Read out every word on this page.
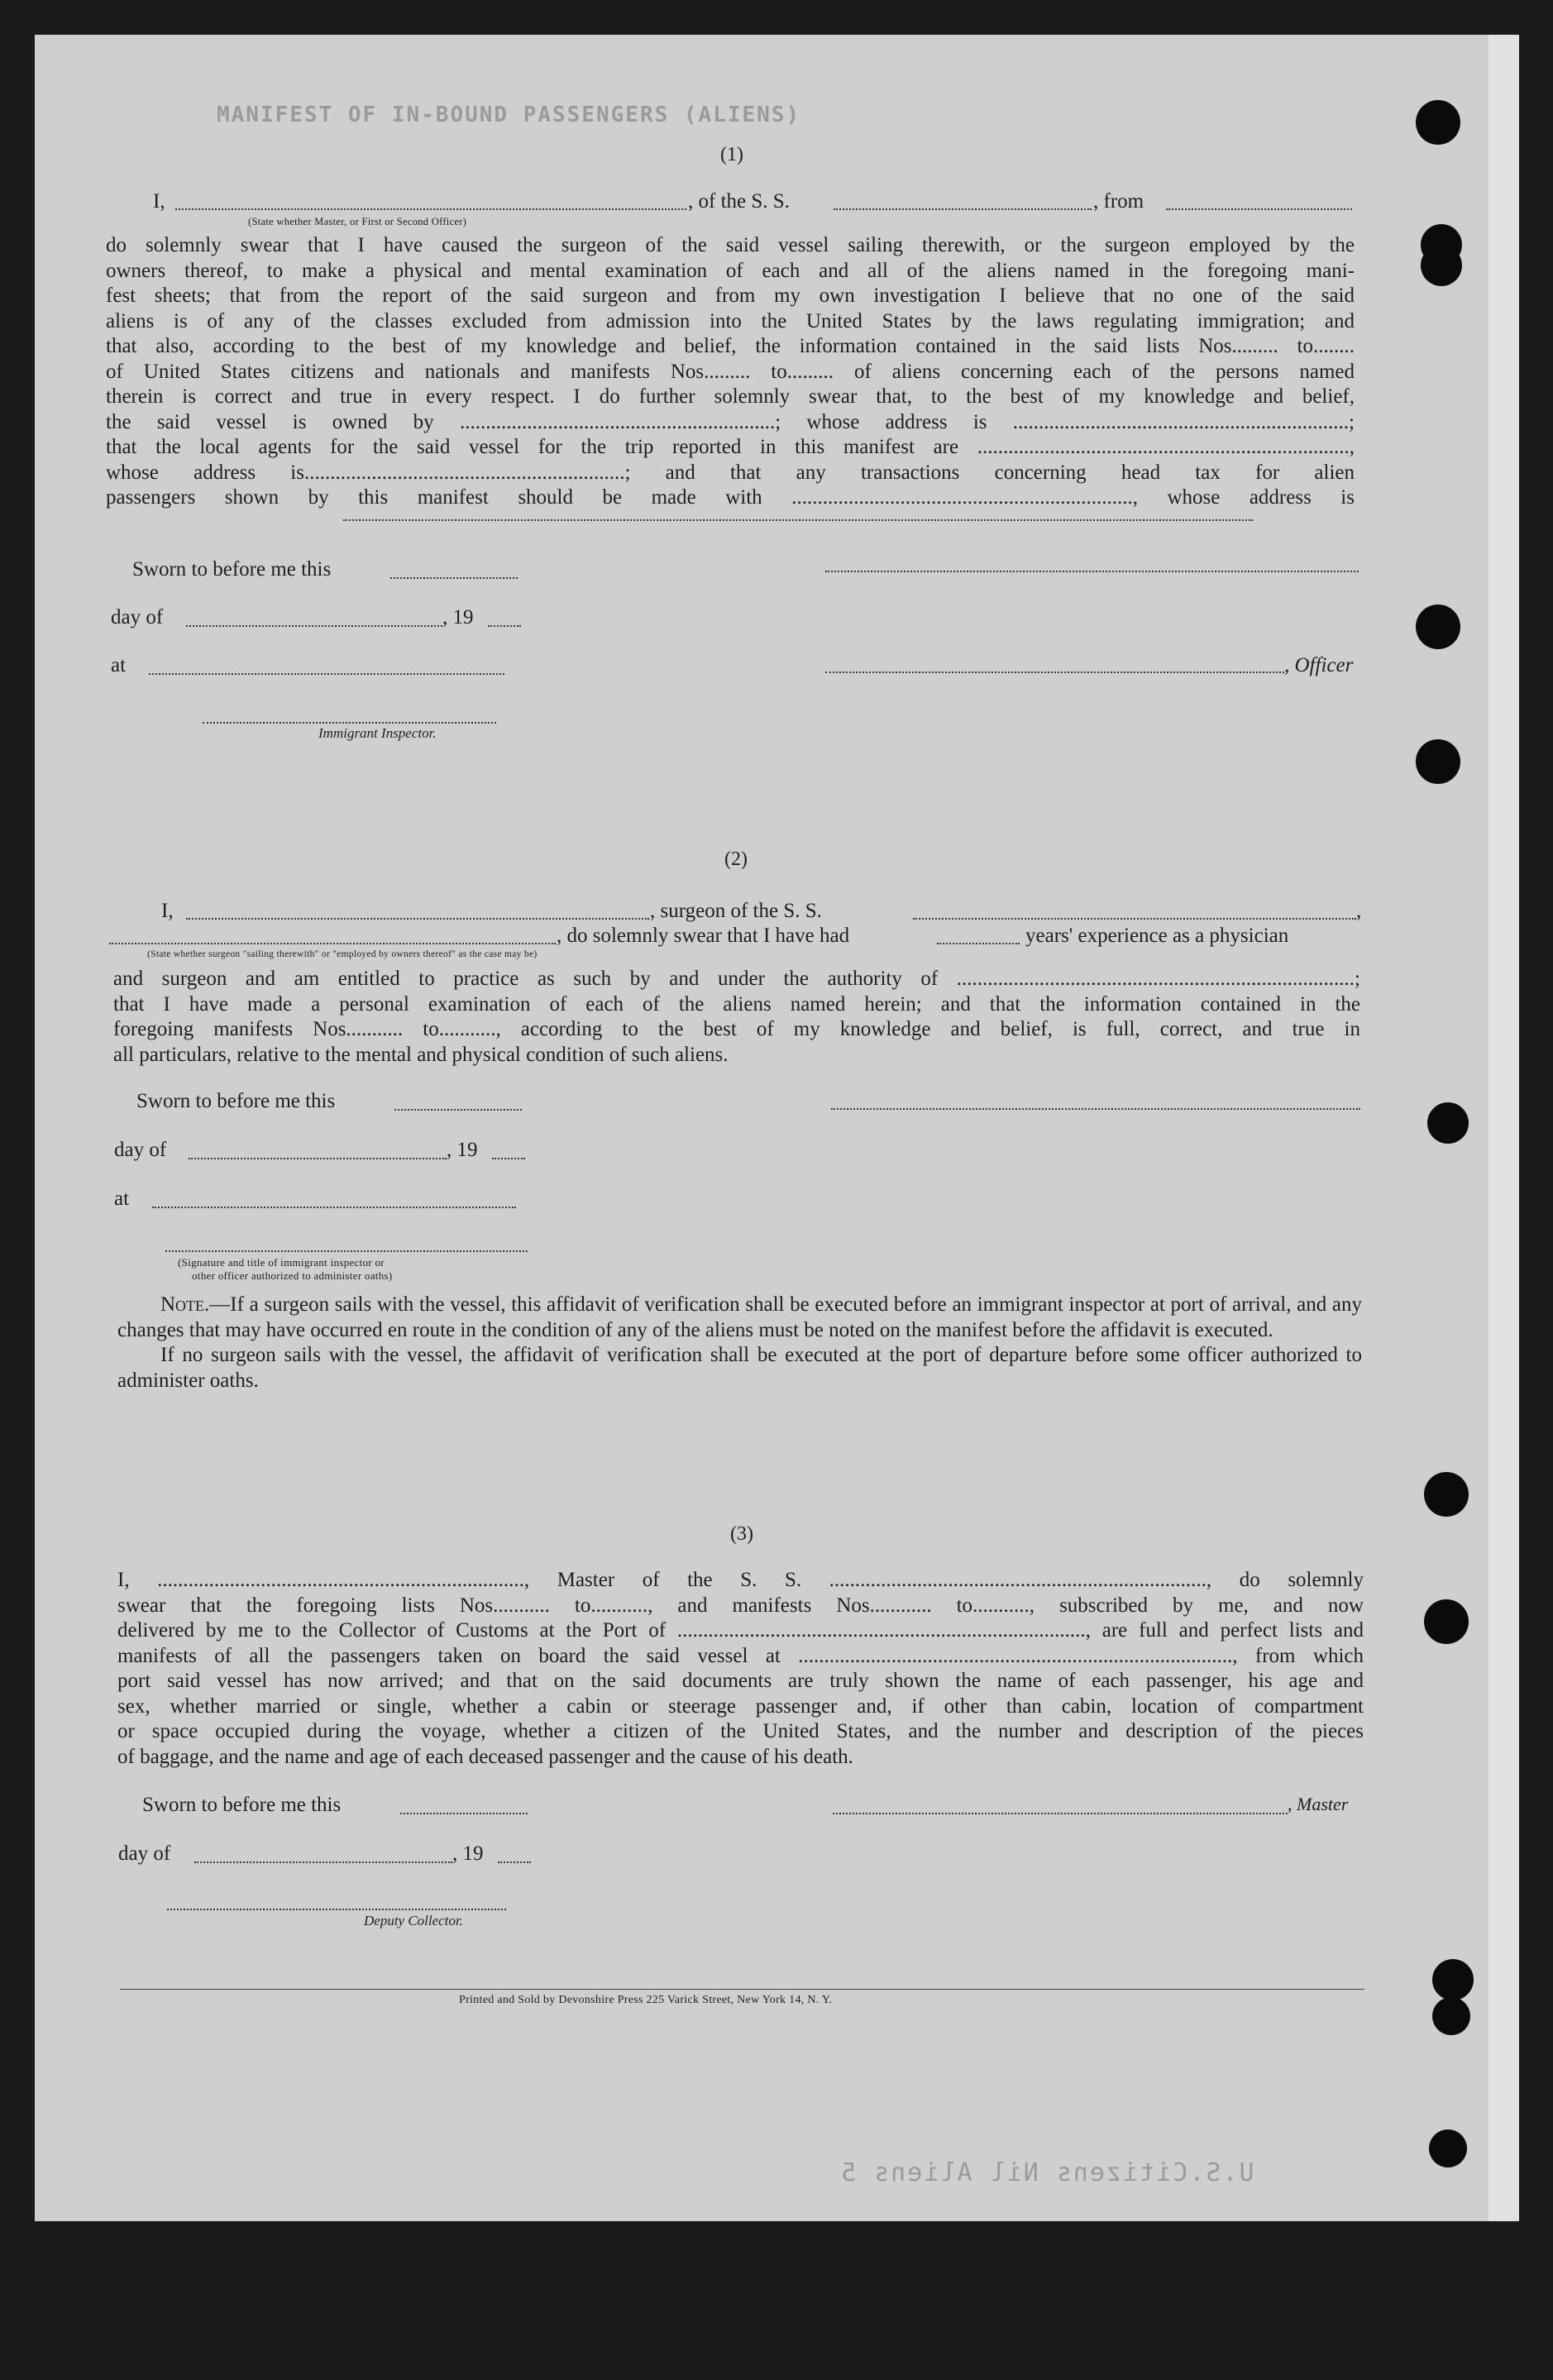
MANIFEST OF IN-BOUND PASSENGERS (ALIENS)
(1)
I,	, of the S. S.	, from
(State whether Master, or First or Second Officer)

do solemnly swear that I have caused the surgeon of the said vessel sailing therewith, or the surgeon employed by the

owners thereof, to make a physical and mental examination of each and all of the aliens named in the foregoing mani-

fest sheets; that from the report of the said surgeon and from my own investigation I believe that no one of the said

aliens is of any of the classes excluded from admission into the United States by the laws regulating immigration; and

that also, according to the best of my knowledge and belief, the information contained in the said lists Nos......... to........

of United States citizens and nationals and manifests Nos......... to......... of aliens concerning each of the persons named

therein is correct and true in every respect. I do further solemnly swear that, to the best of my knowledge and belief,

the said vessel is owned by .............................................................; whose address is .................................................................;

that the local agents for the said vessel for the trip reported in this manifest are ........................................................................,

whose address is..............................................................; and that any transactions concerning head tax for alien

passengers shown by this manifest should be made with .................................................................., whose address is

Sworn to before me this
day of	, 19
at	, Officer
Immigrant Inspector.
(2)
I,	, surgeon of the S. S.	,
, do solemnly swear that I have had	years' experience as a physician
(State whether surgeon "sailing therewith" or "employed by owners thereof" as the case may be)

and surgeon and am entitled to practice as such by and under the authority of .............................................................................;

that I have made a personal examination of each of the aliens named herein; and that the information contained in the

foregoing manifests Nos........... to..........., according to the best of my knowledge and belief, is full, correct, and true in

all particulars, relative to the mental and physical condition of such aliens.

Sworn to before me this
day of	, 19
at
(Signature and title of immigrant inspector or
other officer authorized to administer oaths)

Note.—If a surgeon sails with the vessel, this affidavit of verification shall be executed before an immigrant inspector at port of arrival, and any changes that may have occurred en route in the condition of any of the aliens must be noted on the manifest before the affidavit is executed.

If no surgeon sails with the vessel, the affidavit of verification shall be executed at the port of departure before some officer authorized to administer oaths.

(3)

I, ......................................................................., Master of the S. S. ........................................................................., do solemnly

swear that the foregoing lists Nos........... to..........., and manifests Nos............ to..........., subscribed by me, and now

delivered by me to the Collector of Customs at the Port of ..............................................................................., are full and perfect lists and

manifests of all the passengers taken on board the said vessel at ...................................................................................., from which

port said vessel has now arrived; and that on the said documents are truly shown the name of each passenger, his age and

sex, whether married or single, whether a cabin or steerage passenger and, if other than cabin, location of compartment

or space occupied during the voyage, whether a citizen of the United States, and the number and description of the pieces

of baggage, and the name and age of each deceased passenger and the cause of his death.

Sworn to before me this	, Master
day of	, 19
Deputy Collector.
Printed and Sold by Devonshire Press 225 Varick Street, New York 14, N. Y.
U.S.Citizens Nil Aliens 5
